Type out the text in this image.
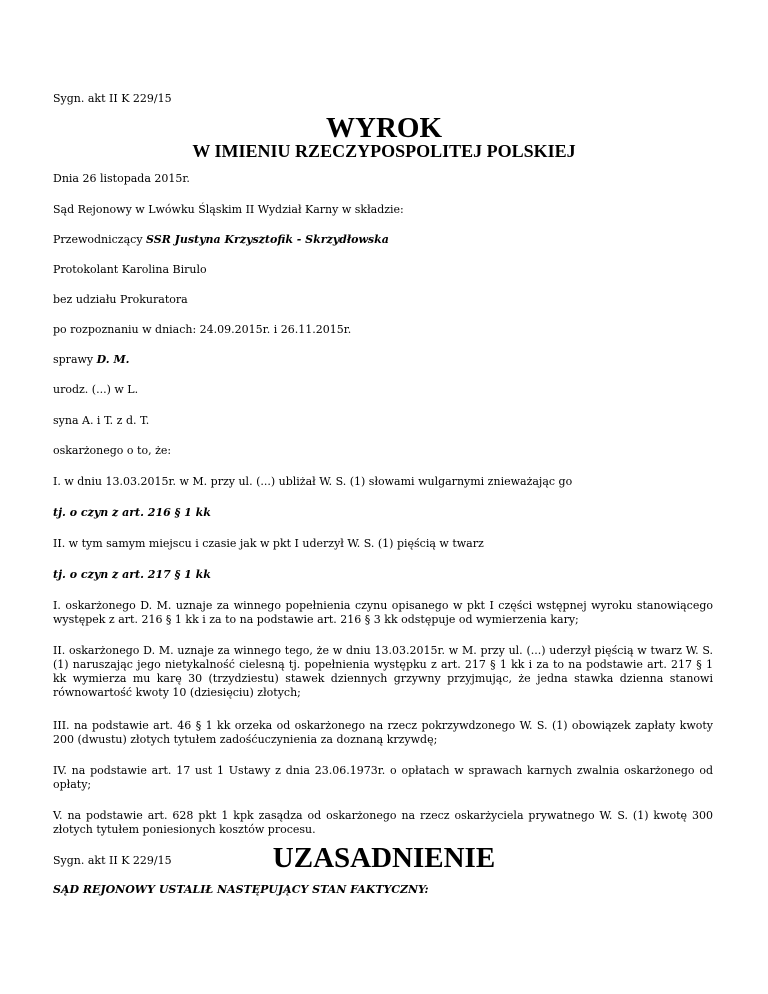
Sygn. akt II K 229/15

WYROK
W IMIENIU RZECZYPOSPOLITEJ POLSKIEJ

Dnia 26 listopada 2015r.

Sąd Rejonowy w Lwówku Śląskim II Wydział Karny w składzie:

Przewodniczący SSR Justyna Krzysztofik - Skrzydłowska

Protokolant Karolina Birulo

bez udziału Prokuratora

po rozpoznaniu w dniach: 24.09.2015r. i 26.11.2015r.

sprawy D. M.

urodz. (...) w L.

syna A. i T. z d. T.

oskarżonego o to, że:

I. w dniu 13.03.2015r. w M. przy ul. (...) ubliżał W. S. (1) słowami wulgarnymi znieważając go

tj. o czyn z art. 216 § 1 kk

II. w tym samym miejscu i czasie jak w pkt I uderzył W. S. (1) pięścią w twarz

tj. o czyn z art. 217 § 1 kk

I. oskarżonego D. M. uznaje za winnego popełnienia czynu opisanego w pkt I części wstępnej wyroku stanowiącego występek z art. 216 § 1 kk i za to na podstawie art. 216 § 3 kk odstępuje od wymierzenia kary;

II. oskarżonego D. M. uznaje za winnego tego, że w dniu 13.03.2015r. w M. przy ul. (...) uderzył pięścią w twarz W. S. (1) naruszając jego nietykalność cielesną tj. popełnienia występku z art. 217 § 1 kk i za to na podstawie art. 217 § 1 kk wymierza mu karę 30 (trzydziestu) stawek dziennych grzywny przyjmując, że jedna stawka dzienna stanowi równowartość kwoty 10 (dziesięciu) złotych;

III. na podstawie art. 46 § 1 kk orzeka od oskarżonego na rzecz pokrzywdzonego W. S. (1) obowiązek zapłaty kwoty 200 (dwustu) złotych tytułem zadośćuczynienia za doznaną krzywdę;

IV. na podstawie art. 17 ust 1 Ustawy z dnia 23.06.1973r. o opłatach w sprawach karnych zwalnia oskarżonego od opłaty;

V. na podstawie art. 628 pkt 1 kpk zasądza od oskarżonego na rzecz oskarżyciela prywatnego W. S. (1) kwotę 300 złotych tytułem poniesionych kosztów procesu.

Sygn. akt II K 229/15	UZASADNIENIE

SĄD REJONOWY USTALIŁ NASTĘPUJĄCY STAN FAKTYCZNY:
